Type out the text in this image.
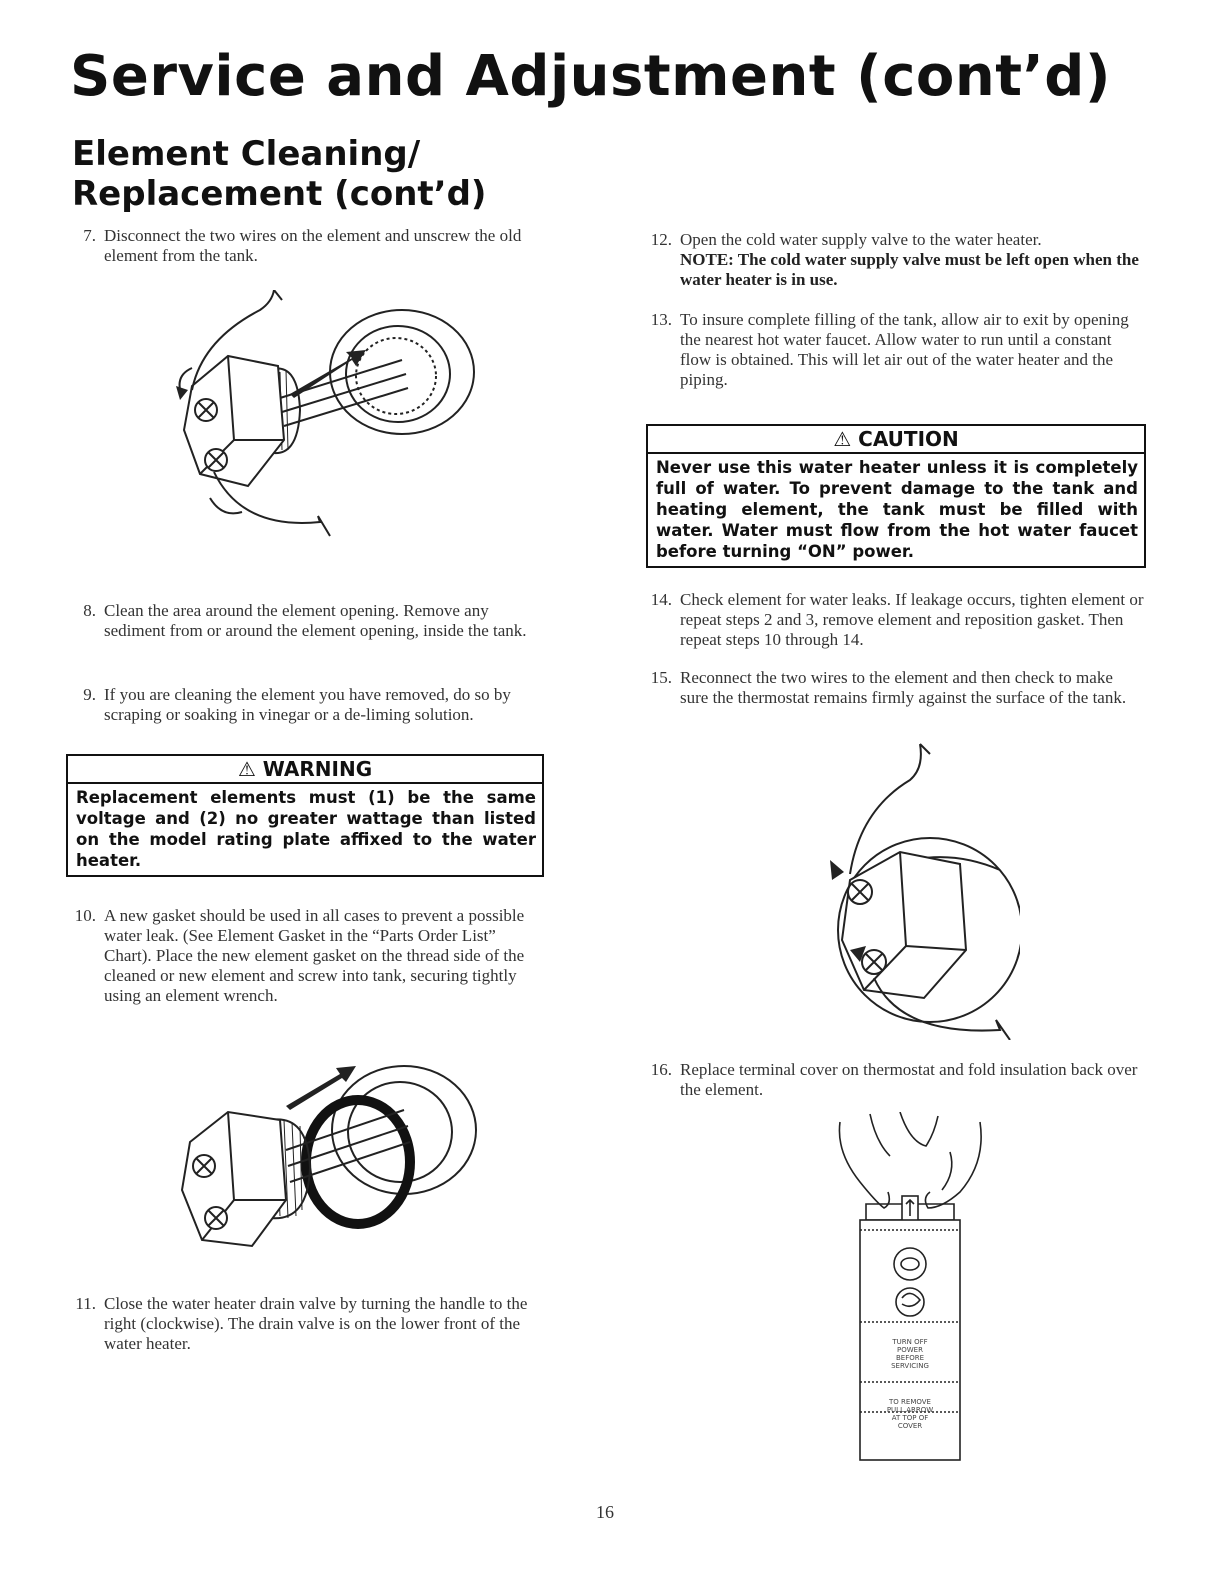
Service and Adjustment (cont’d)
Element Cleaning/
Replacement (cont’d)
7. Disconnect the two wires on the element and unscrew the old element from the tank.
8. Clean the area around the element opening. Remove any sediment from or around the element opening, inside the tank.
9. If you are cleaning the element you have removed, do so by scraping or soaking in vinegar or a de-liming solution.
⚠ WARNING
Replacement elements must (1) be the same voltage and (2) no greater wattage than listed on the model rating plate affixed to the water heater.
10. A new gasket should be used in all cases to prevent a possible water leak. (See Element Gasket in the “Parts Order List” Chart). Place the new element gasket on the thread side of the cleaned or new element and screw into tank, securing tightly using an element wrench.
11. Close the water heater drain valve by turning the handle to the right (clockwise). The drain valve is on the lower front of the water heater.
12. Open the cold water supply valve to the water heater.
NOTE: The cold water supply valve must be left open when the water heater is in use.
13. To insure complete filling of the tank, allow air to exit by opening the nearest hot water faucet. Allow water to run until a constant flow is obtained. This will let air out of the water heater and the piping.
⚠ CAUTION
Never use this water heater unless it is completely full of water. To prevent damage to the tank and heating element, the tank must be filled with water. Water must flow from the hot water faucet before turning “ON” power.
14. Check element for water leaks. If leakage occurs, tighten element or repeat steps 2 and 3, remove element and reposition gasket. Then repeat steps 10 through 14.
15. Reconnect the two wires to the element and then check to make sure the thermostat remains firmly against the surface of the tank.
16. Replace terminal cover on thermostat and fold insulation back over the element.
TURN OFF
POWER
BEFORE
SERVICING
TO REMOVE
PULL ARROW
AT TOP OF
COVER
16
